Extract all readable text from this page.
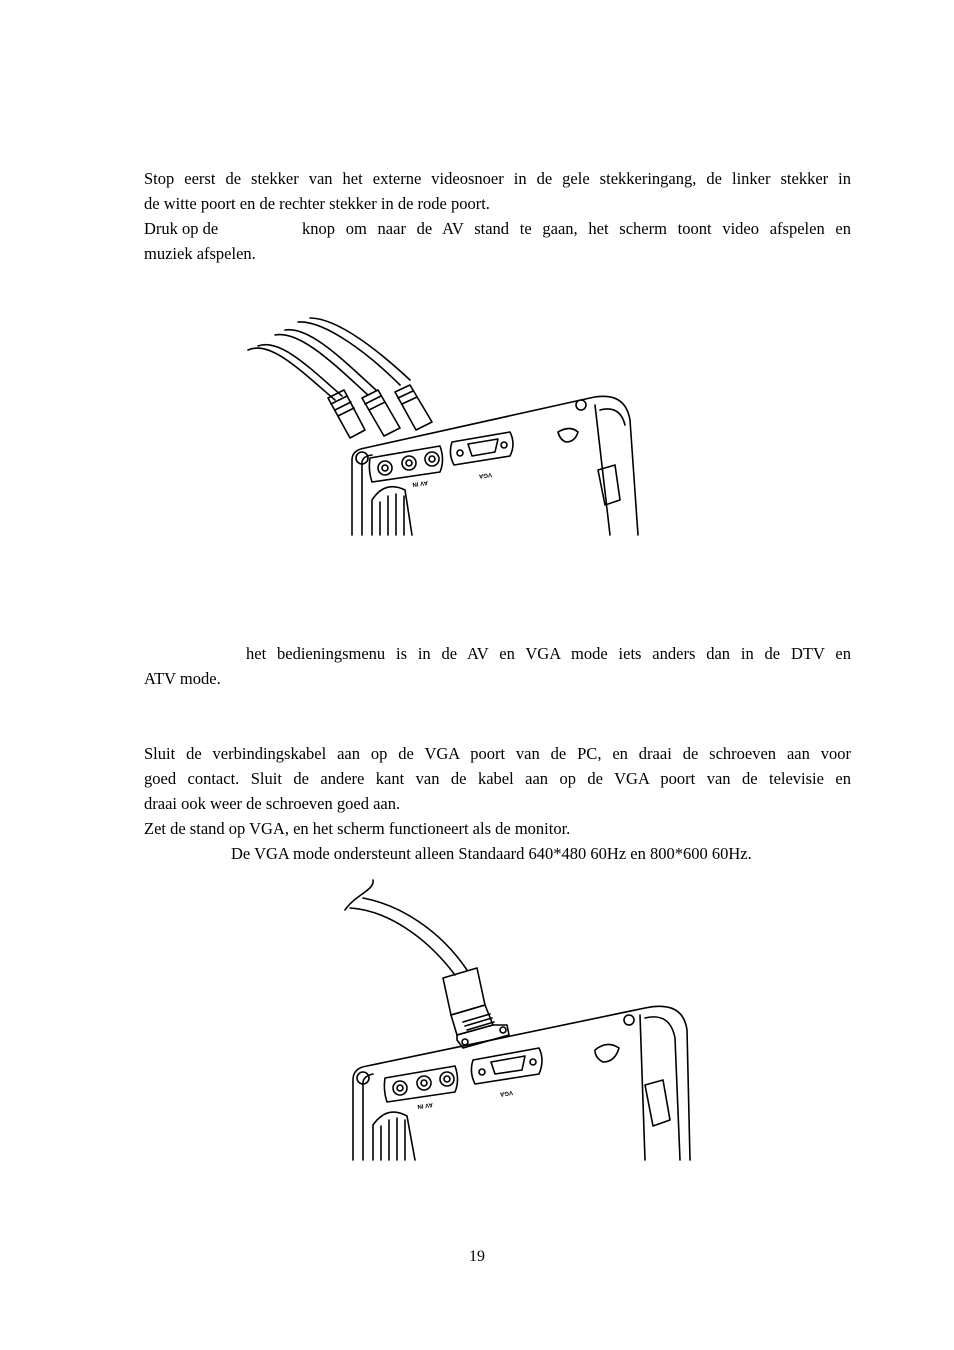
Stop eerst de stekker van het externe videosnoer in de gele stekkeringang, de linker stekker in
de witte poort en de rechter stekker in de rode poort.

Druk op de	knop om naar de AV stand te gaan, het scherm toont video afspelen en
muziek afspelen.
AV IN
VGA

het bedieningsmenu is in de AV en VGA mode iets anders dan in de DTV en
ATV mode.

Sluit de verbindingskabel aan op de VGA poort van de PC, en draai de schroeven aan voor
goed contact. Sluit de andere kant van de kabel aan op de VGA poort van de televisie en
draai ook weer de schroeven goed aan.
Zet de stand op VGA, en het scherm functioneert als de monitor.
De VGA mode ondersteunt alleen Standaard 640*480 60Hz en 800*600 60Hz.

AV IN
VGA
19
